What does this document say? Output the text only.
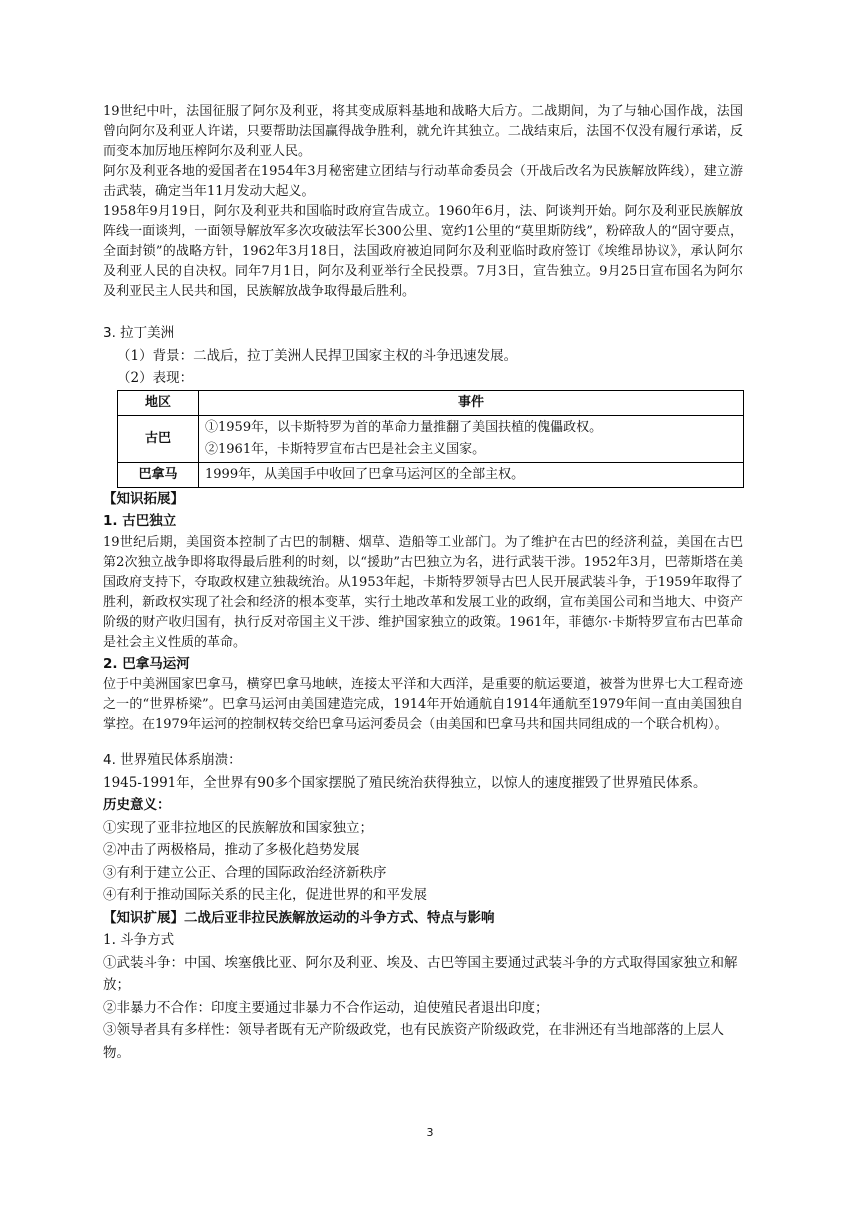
19世纪中叶，法国征服了阿尔及利亚，将其变成原料基地和战略大后方。二战期间，为了与轴心国作战，法国曾向阿尔及利亚人许诺，只要帮助法国赢得战争胜利，就允许其独立。二战结束后，法国不仅没有履行承诺，反而变本加厉地压榨阿尔及利亚人民。

阿尔及利亚各地的爱国者在1954年3月秘密建立团结与行动革命委员会（开战后改名为民族解放阵线），建立游击武装，确定当年11月发动大起义。

1958年9月19日，阿尔及利亚共和国临时政府宣告成立。1960年6月，法、阿谈判开始。阿尔及利亚民族解放阵线一面谈判，一面领导解放军多次攻破法军长300公里、宽约1公里的“莫里斯防线”，粉碎敌人的“固守要点，全面封锁”的战略方针，1962年3月18日，法国政府被迫同阿尔及利亚临时政府签订《埃维昂协议》，承认阿尔及利亚人民的自决权。同年7月1日，阿尔及利亚举行全民投票。7月3日，宣告独立。9月25日宣布国名为阿尔及利亚民主人民共和国，民族解放战争取得最后胜利。

3. 拉丁美洲

（1）背景：二战后，拉丁美洲人民捍卫国家主权的斗争迅速发展。

（2）表现：

地区	事件
古巴	①1959年，以卡斯特罗为首的革命力量推翻了美国扶植的傀儡政权。
②1961年，卡斯特罗宣布古巴是社会主义国家。

巴拿马	1999年，从美国手中收回了巴拿马运河区的全部主权。

【知识拓展】

1. 古巴独立

19世纪后期，美国资本控制了古巴的制糖、烟草、造船等工业部门。为了维护在古巴的经济利益，美国在古巴第2次独立战争即将取得最后胜利的时刻，以“援助”古巴独立为名，进行武装干涉。1952年3月，巴蒂斯塔在美国政府支持下，夺取政权建立独裁统治。从1953年起，卡斯特罗领导古巴人民开展武装斗争，于1959年取得了胜利，新政权实现了社会和经济的根本变革，实行土地改革和发展工业的政纲，宣布美国公司和当地大、中资产阶级的财产收归国有，执行反对帝国主义干涉、维护国家独立的政策。1961年，菲德尔·卡斯特罗宣布古巴革命是社会主义性质的革命。

2. 巴拿马运河

位于中美洲国家巴拿马，横穿巴拿马地峡，连接太平洋和大西洋，是重要的航运要道，被誉为世界七大工程奇迹之一的“世界桥梁”。巴拿马运河由美国建造完成，1914年开始通航自1914年通航至1979年间一直由美国独自掌控。在1979年运河的控制权转交给巴拿马运河委员会（由美国和巴拿马共和国共同组成的一个联合机构）。

4. 世界殖民体系崩溃：

1945-1991年，全世界有90多个国家摆脱了殖民统治获得独立，以惊人的速度摧毁了世界殖民体系。

历史意义：

①实现了亚非拉地区的民族解放和国家独立；

②冲击了两极格局，推动了多极化趋势发展

③有利于建立公正、合理的国际政治经济新秩序

④有利于推动国际关系的民主化，促进世界的和平发展

【知识扩展】二战后亚非拉民族解放运动的斗争方式、特点与影响

1. 斗争方式

①武装斗争：中国、埃塞俄比亚、阿尔及利亚、埃及、古巴等国主要通过武装斗争的方式取得国家独立和解放；

②非暴力不合作：印度主要通过非暴力不合作运动，迫使殖民者退出印度；

③领导者具有多样性：领导者既有无产阶级政党，也有民族资产阶级政党，在非洲还有当地部落的上层人物。

3
